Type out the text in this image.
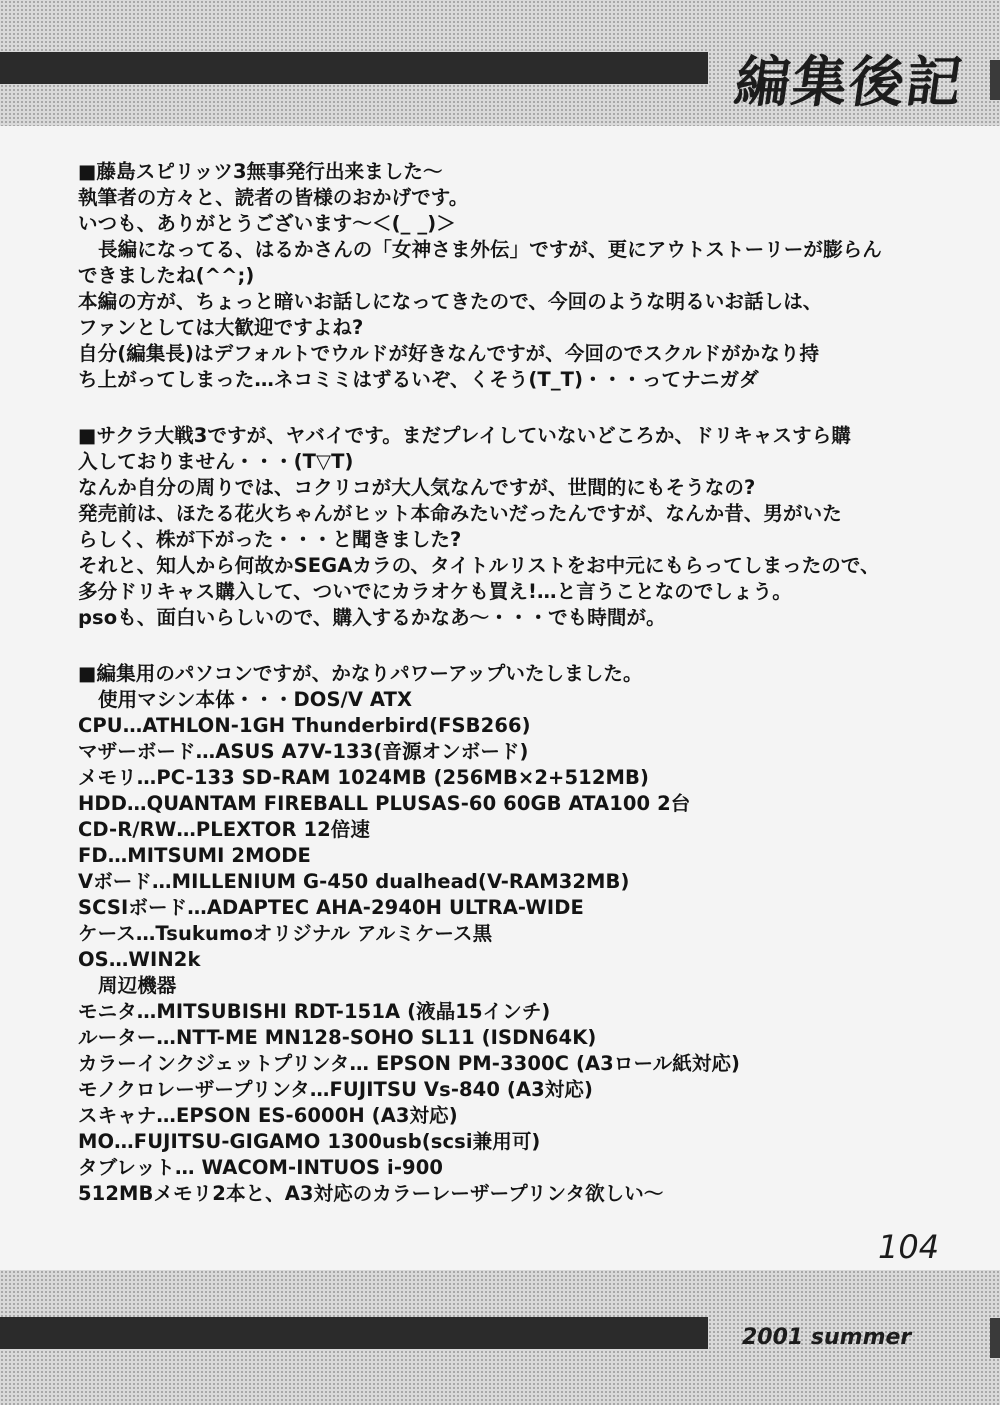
編集後記
■藤島スピリッツ3無事発行出来ました～
執筆者の方々と、読者の皆様のおかげです。
いつも、ありがとうございます～＜(_ _)＞
長編になってる、はるかさんの「女神さま外伝」ですが、更にアウトストーリーが膨らん
できましたね(^^;)
本編の方が、ちょっと暗いお話しになってきたので、今回のような明るいお話しは、
ファンとしては大歓迎ですよね?
自分(編集長)はデフォルトでウルドが好きなんですが、今回のでスクルドがかなり持
ち上がってしまった…ネコミミはずるいぞ、くそう(T_T)・・・ってナニガダ
■サクラ大戦3ですが、ヤバイです。まだプレイしていないどころか、ドリキャスすら購
入しておりません・・・(T▽T)
なんか自分の周りでは、コクリコが大人気なんですが、世間的にもそうなの?
発売前は、ほたる花火ちゃんがヒット本命みたいだったんですが、なんか昔、男がいた
らしく、株が下がった・・・と聞きました?
それと、知人から何故かSEGAカラの、タイトルリストをお中元にもらってしまったので、
多分ドリキャス購入して、ついでにカラオケも買え!…と言うことなのでしょう。
psoも、面白いらしいので、購入するかなあ～・・・でも時間が。
■編集用のパソコンですが、かなりパワーアップいたしました。
使用マシン本体・・・DOS/V ATX
CPU…ATHLON-1GH Thunderbird(FSB266)
マザーボード…ASUS A7V-133(音源オンボード)
メモリ…PC-133 SD-RAM 1024MB (256MB×2+512MB)
HDD…QUANTAM FIREBALL PLUSAS-60 60GB ATA100 2台
CD-R/RW…PLEXTOR 12倍速
FD…MITSUMI 2MODE
Vボード…MILLENIUM G-450 dualhead(V-RAM32MB)
SCSIボード…ADAPTEC AHA-2940H ULTRA-WIDE
ケース…Tsukumoオリジナル アルミケース黒
OS…WIN2k
周辺機器
モニタ…MITSUBISHI RDT-151A (液晶15インチ)
ルーター…NTT-ME MN128-SOHO SL11 (ISDN64K)
カラーインクジェットプリンタ… EPSON PM-3300C (A3ロール紙対応)
モノクロレーザープリンタ…FUJITSU Vs-840 (A3対応)
スキャナ…EPSON ES-6000H (A3対応)
MO…FUJITSU-GIGAMO 1300usb(scsi兼用可)
タブレット… WACOM-INTUOS i-900
512MBメモリ2本と、A3対応のカラーレーザープリンタ欲しい～
104
2001 summer
